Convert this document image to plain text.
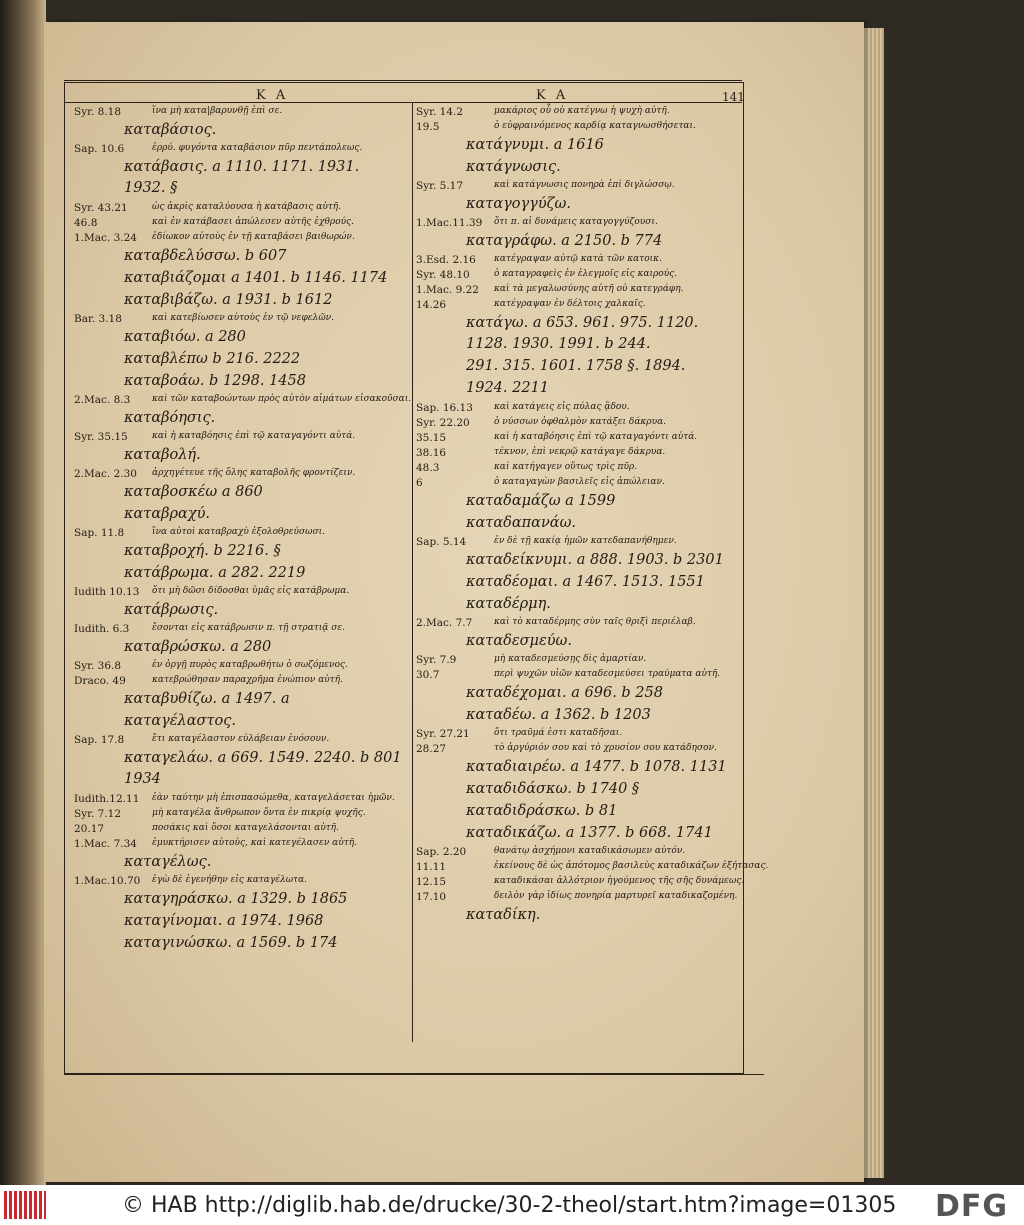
K A	K A	141
Syr. 8.18	ἵνα μὴ κατα|βαρυνθῇ ἐπὶ σε.
καταβάσιος.
Sap. 10.6	ἐρρύ. φυγόντα καταβάσιον πῦρ πεντάπολεως.
κατάβασις. a 1110. 1171. 1931.
1932. §
Syr. 43.21	ὡς ἀκρὶς καταλύουσα ἡ κατάβασις αὐτῆ.
46.8	καὶ ἐν κατάβασει ἀπώλεσεν αὐτῆς ἐχθρούς.
1.Mac. 3.24	ἐδίωκον αὐτοὺς ἐν τῇ καταβάσει βαιθωρών.
καταβδελύσσω. b 607
καταβιάζομαι a 1401. b 1146. 1174
καταβιβάζω. a 1931. b 1612
Bar. 3.18	καὶ κατεβίωσεν αὐτοὺς ἐν τῷ νεφελῶν.
καταβιόω. a 280
καταβλέπω b 216. 2222
καταβοάω. b 1298. 1458
2.Mac. 8.3	καὶ τῶν καταβοώντων πρὸς αὐτὸν αἱμάτων εἰσακοῦσαι.
καταβόησις.
Syr. 35.15	καὶ ἡ καταβόησις ἐπὶ τῷ καταγαγόντι αὐτά.
καταβολή.
2.Mac. 2.30	ἀρχηγέτευε τῆς ὅλης καταβολῆς φροντίζειν.
καταβοσκέω a 860
καταβραχύ.
Sap. 11.8	ἵνα αὐτοὶ καταβραχὺ ἐξολοθρεύσωσι.
καταβροχή. b 2216. §
κατάβρωμα. a 282. 2219
Iudith 10.13	ὅτι μὴ δῶσι δίδοσθαι ὑμᾶς εἰς κατάβρωμα.
κατάβρωσις.
Iudith. 6.3	ἔσονται εἰς κατάβρωσιν π. τῇ στρατιᾷ σε.
καταβρώσκω. a 280
Syr. 36.8	ἐν ὀργῇ πυρὸς καταβρωθήτω ὁ σωζόμενος.
Draco. 49	κατεβρώθησαν παραχρῆμα ἐνώπιον αὐτῆ.
καταβυθίζω. a 1497. a
καταγέλαστος.
Sap. 17.8	ἔτι καταγέλαστον εὐλάβειαν ἐνόσουν.
καταγελάω. a 669. 1549. 2240. b 801
1934
Iudith.12.11	ἐὰν ταύτην μὴ ἐπισπασώμεθα, καταγελάσεται ἡμῶν.
Syr. 7.12	μὴ καταγέλα ἄνθρωπον ὄντα ἐν πικρίᾳ ψυχῆς.
20.17	ποσάκις καὶ ὅσοι καταγελάσονται αὐτῆ.
1.Mac. 7.34	ἐμυκτήρισεν αὐτοὺς, καὶ κατεγέλασεν αὐτῆ.
καταγέλως.
1.Mac.10.70	ἐγὼ δὲ ἐγενήθην εἰς καταγέλωτα.
καταγηράσκω. a 1329. b 1865
καταγίνομαι. a 1974. 1968
καταγινώσκω. a 1569. b 174
Syr. 14.2	μακάριος οὗ οὐ κατέγνω ἡ ψυχὴ αὐτῆ.
19.5	ὁ εὐφραινόμενος καρδίᾳ καταγνωσθήσεται.
κατάγνυμι. a 1616
κατάγνωσις.
Syr. 5.17	καὶ κατάγνωσις πονηρὰ ἐπὶ διγλώσσῳ.
καταγογγύζω.
1.Mac.11.39	ὅτι π. αἱ δυνάμεις καταγογγύζουσι.
καταγράφω. a 2150. b 774
3.Esd. 2.16	κατέγραψαν αὐτῷ κατὰ τῶν κατοικ.
Syr. 48.10	ὁ καταγραφεὶς ἐν ἐλεγμοῖς εἰς καιρούς.
1.Mac. 9.22	καὶ τὰ μεγαλωσύνης αὐτῆ οὐ κατεγράφη.
14.26	κατέγραψαν ἐν δέλτοις χαλκαῖς.
κατάγω. a 653. 961. 975. 1120.
1128. 1930. 1991. b 244.
291. 315. 1601. 1758 §. 1894.
1924. 2211
Sap. 16.13	καὶ κατάγεις εἰς πύλας ᾅδου.
Syr. 22.20	ὁ νύσσων ὀφθαλμὸν κατάξει δάκρυα.
35.15	καὶ ἡ καταβόησις ἐπὶ τῷ καταγαγόντι αὐτά.
38.16	τέκνον, ἐπὶ νεκρῷ κατάγαγε δάκρυα.
48.3	καὶ κατήγαγεν οὕτως τρὶς πῦρ.
6	ὁ καταγαγὼν βασιλεῖς εἰς ἀπώλειαν.
καταδαμάζω a 1599
καταδαπανάω.
Sap. 5.14	ἐν δὲ τῇ κακίᾳ ἡμῶν κατεδαπανήθημεν.
καταδείκνυμι. a 888. 1903. b 2301
καταδέομαι. a 1467. 1513. 1551
καταδέρμη.
2.Mac. 7.7	καὶ τὸ καταδέρμης σὺν ταῖς θριξὶ περιέλαβ.
καταδεσμεύω.
Syr. 7.9	μὴ καταδεσμεύσῃς δὶς ἁμαρτίαν.
30.7	περὶ ψυχῶν υἱῶν καταδεσμεύσει τραύματα αὐτῆ.
καταδέχομαι. a 696. b 258
καταδέω. a 1362. b 1203
Syr. 27.21	ὅτι τραῦμά ἐστι καταδῆσαι.
28.27	τὸ ἀργύριόν σου καὶ τὸ χρυσίον σου κατάδησον.
καταδιαιρέω. a 1477. b 1078. 1131
καταδιδάσκω. b 1740 §
καταδιδράσκω. b 81
καταδικάζω. a 1377. b 668. 1741
Sap. 2.20	θανάτῳ ἀσχήμονι καταδικάσωμεν αὐτόν.
11.11	ἐκείνους δὲ ὡς ἀπότομος βασιλεὺς καταδικάζων ἐξήτασας.
12.15	καταδικάσαι ἀλλότριον ἡγούμενος τῆς σῆς δυνάμεως.
17.10	δειλὸν γὰρ ἰδίως πονηρία μαρτυρεῖ καταδικαζομένη.
καταδίκη.
© HAB http://diglib.hab.de/drucke/30-2-theol/start.htm?image=01305 DFG
